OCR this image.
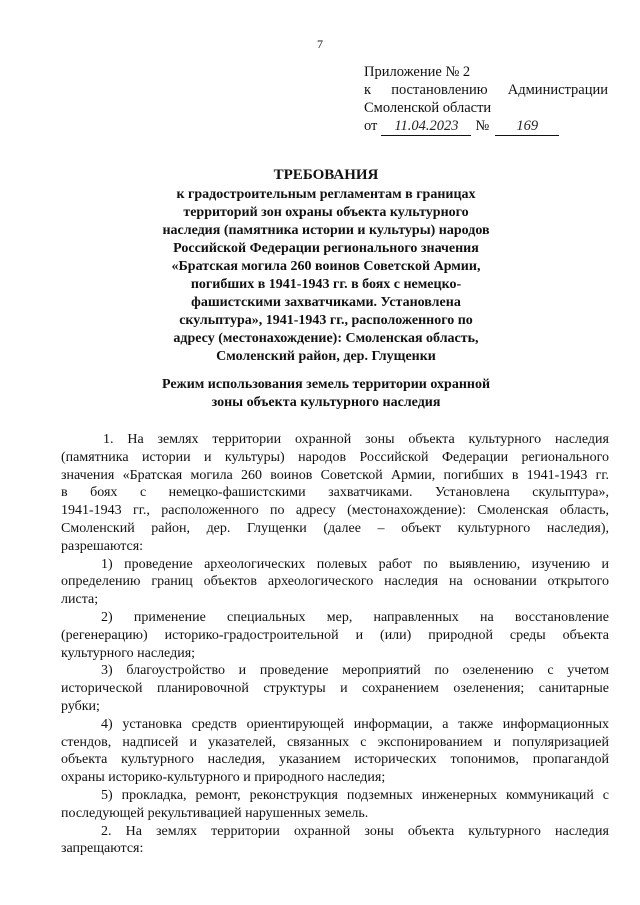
7
Приложение № 2
к постановлению Администрации
Смоленской области
от	11.04.2023	№	169
ТРЕБОВАНИЯ
к градостроительным регламентам в границах
территорий зон охраны объекта культурного
наследия (памятника истории и культуры) народов
Российской Федерации регионального значения
«Братская могила 260 воинов Советской Армии,
погибших в 1941-1943 гг. в боях с немецко-
фашистскими захватчиками. Установлена
скульптура», 1941-1943 гг., расположенного по
адресу (местонахождение): Смоленская область,
Смоленский район, дер. Глущенки
Режим использования земель территории охранной
зоны объекта культурного наследия

1. На землях территории охранной зоны объекта культурного наследия
(памятника истории и культуры) народов Российской Федерации регионального
значения «Братская могила 260 воинов Советской Армии, погибших в 1941-1943 гг.
в боях с немецко-фашистскими захватчиками. Установлена скульптура»,
1941-1943 гг., расположенного по адресу (местонахождение): Смоленская область,
Смоленский район, дер. Глущенки (далее – объект культурного наследия),
разрешаются:

1) проведение археологических полевых работ по выявлению, изучению и
определению границ объектов археологического наследия на основании открытого
листа;

2) применение специальных мер, направленных на восстановление
(регенерацию) историко-градостроительной и (или) природной среды объекта
культурного наследия;

3) благоустройство и проведение мероприятий по озеленению с учетом
исторической планировочной структуры и сохранением озеленения; санитарные
рубки;

4) установка средств ориентирующей информации, а также информационных
стендов, надписей и указателей, связанных с экспонированием и популяризацией
объекта культурного наследия, указанием исторических топонимов, пропагандой
охраны историко-культурного и природного наследия;

5) прокладка, ремонт, реконструкция подземных инженерных коммуникаций с
последующей рекультивацией нарушенных земель.

2. На землях территории охранной зоны объекта культурного наследия
запрещаются:
